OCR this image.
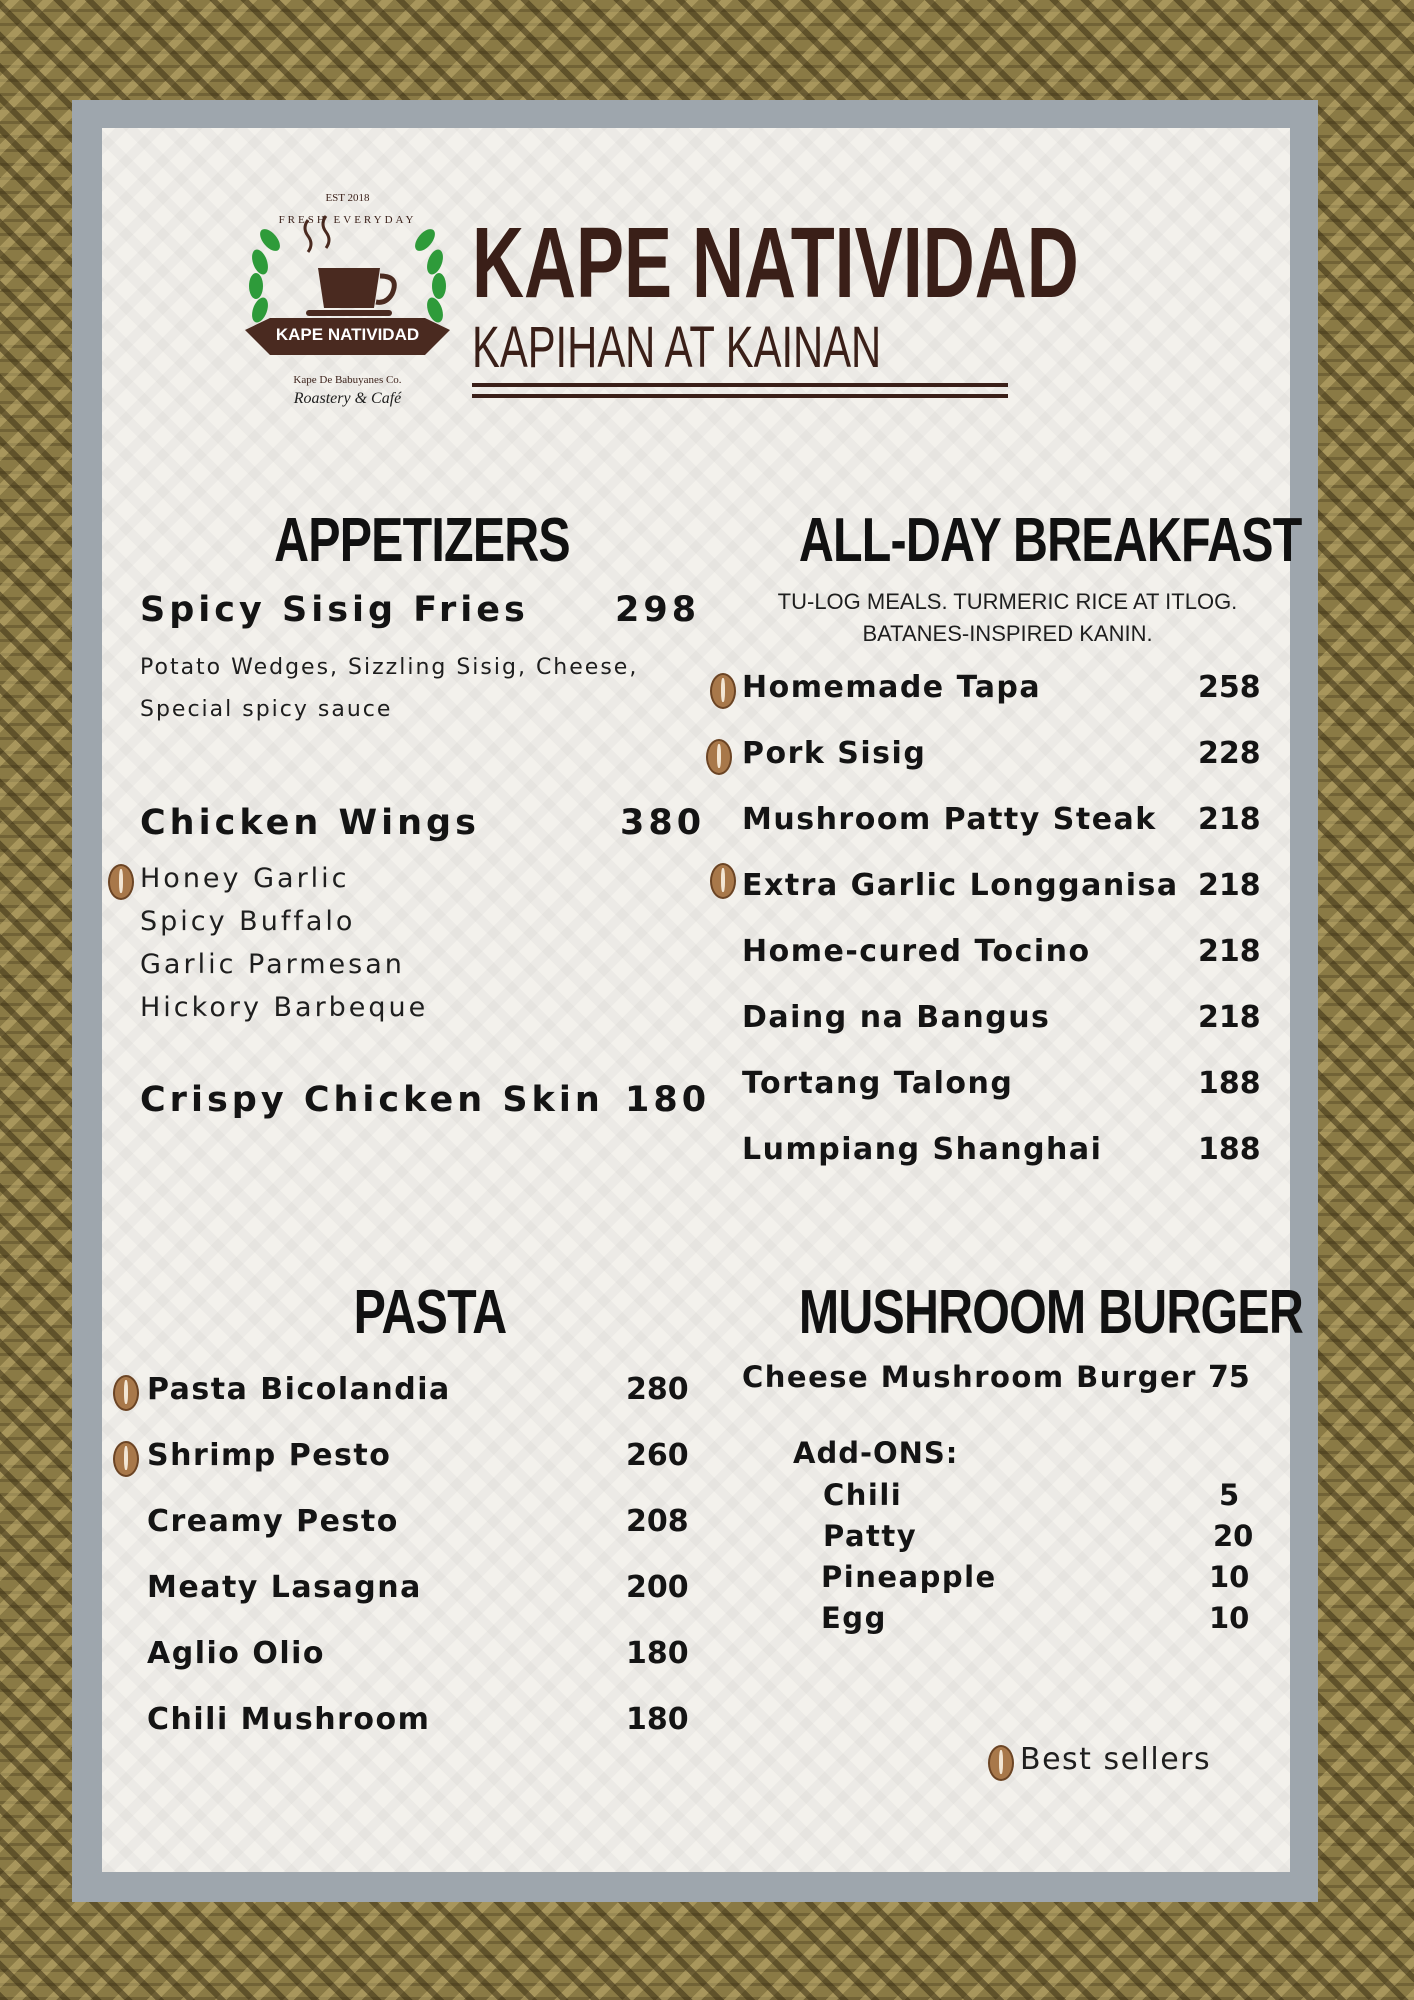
EST 2018
FRESH EVERYDAY
KAPE NATIVIDAD
Kape De Babuyanes Co.
Roastery & Café
KAPE NATIVIDAD
KAPIHAN AT KAINAN
APPETIZERS
Spicy Sisig Fries 298
Potato Wedges, Sizzling Sisig, Cheese,
Special spicy sauce
Chicken Wings	380
Honey Garlic
Spicy Buffalo
Garlic Parmesan
Hickory Barbeque
Crispy Chicken Skin 180
ALL-DAY BREAKFAST
TU-LOG MEALS. TURMERIC RICE AT ITLOG.
BATANES-INSPIRED KANIN.
Homemade Tapa	258
Pork Sisig	228
Mushroom Patty Steak 218
Extra Garlic Longganisa 218
Home-cured Tocino	218
Daing na Bangus	218
Tortang Talong	188
Lumpiang Shanghai	188
PASTA
Pasta Bicolandia	280
Shrimp Pesto	260
Creamy Pesto	208
Meaty Lasagna	200
Aglio Olio	180
Chili Mushroom	180
MUSHROOM BURGER
Cheese Mushroom Burger 75
Add-ONS:
Chili	5
Patty	20
Pineapple	10
Egg	10
Best sellers
